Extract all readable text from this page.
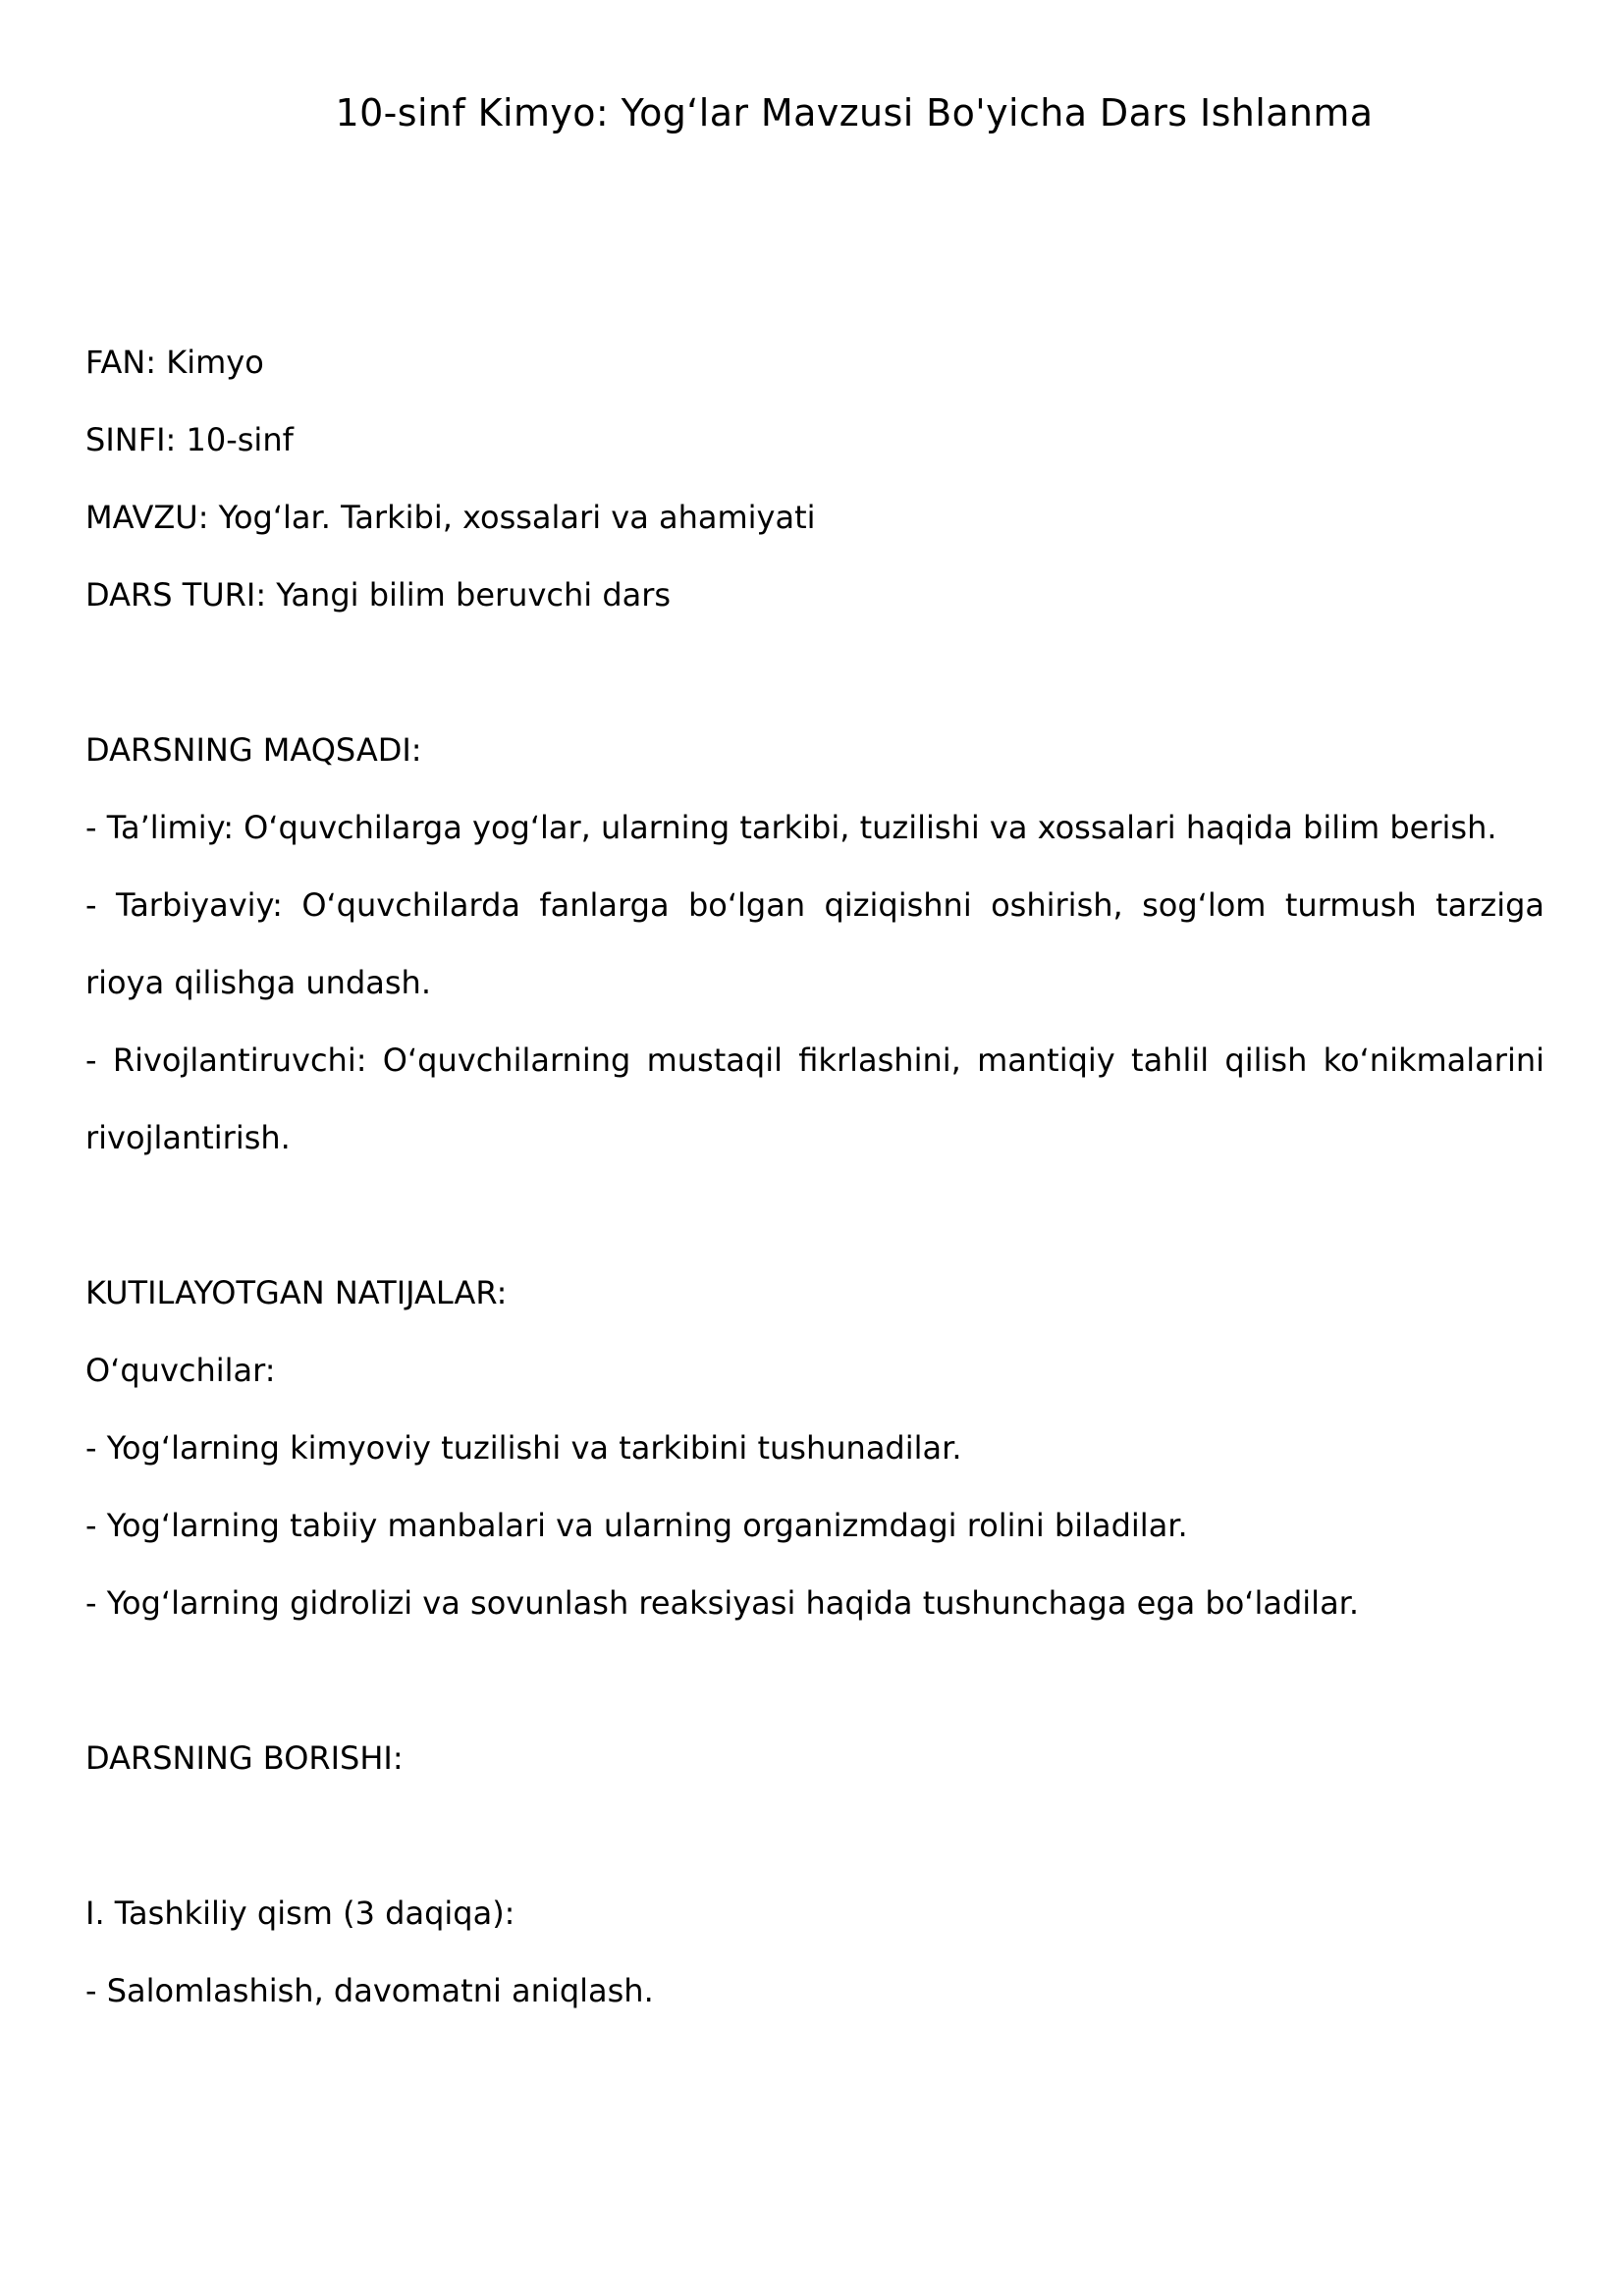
10-sinf Kimyo: Yog‘lar Mavzusi Bo'yicha Dars Ishlanma
FAN: Kimyo
SINFI: 10-sinf
MAVZU: Yog‘lar. Tarkibi, xossalari va ahamiyati
DARS TURI: Yangi bilim beruvchi dars
DARSNING MAQSADI:
- Ta’limiy: O‘quvchilarga yog‘lar, ularning tarkibi, tuzilishi va xossalari haqida bilim berish.
- Tarbiyaviy: O‘quvchilarda fanlarga bo‘lgan qiziqishni oshirish, sog‘lom turmush tarziga rioya qilishga undash.
- Rivojlantiruvchi: O‘quvchilarning mustaqil fikrlashini, mantiqiy tahlil qilish ko‘nikmalarini rivojlantirish.
KUTILAYOTGAN NATIJALAR:
O‘quvchilar:
- Yog‘larning kimyoviy tuzilishi va tarkibini tushunadilar.
- Yog‘larning tabiiy manbalari va ularning organizmdagi rolini biladilar.
- Yog‘larning gidrolizi va sovunlash reaksiyasi haqida tushunchaga ega bo‘ladilar.
DARSNING BORISHI:
I. Tashkiliy qism (3 daqiqa):
- Salomlashish, davomatni aniqlash.
